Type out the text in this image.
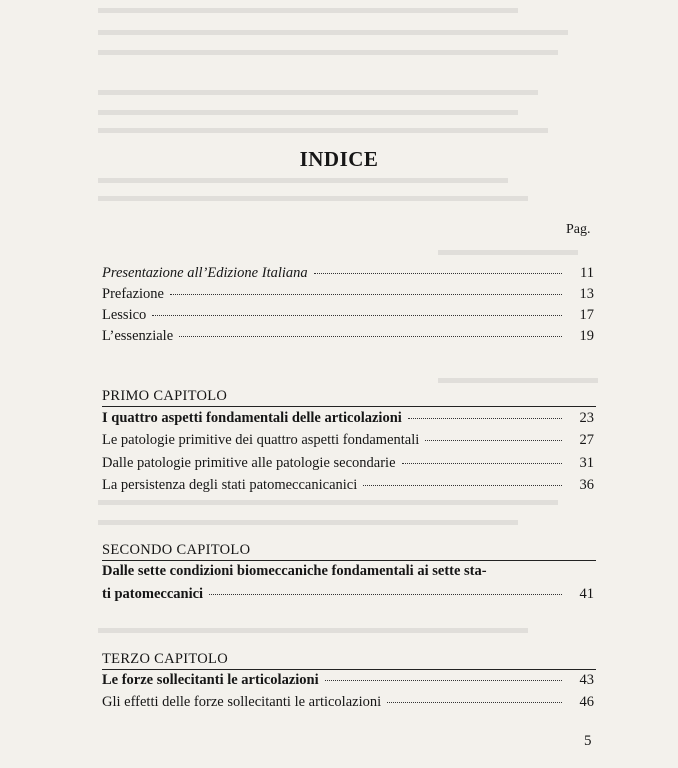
INDICE
Pag.
Presentazione all’Edizione Italiana	11
Prefazione	13
Lessico	17
L’essenziale	19
PRIMO CAPITOLO
I quattro aspetti fondamentali delle articolazioni	23
Le patologie primitive dei quattro aspetti fondamentali	27
Dalle patologie primitive alle patologie secondarie	31
La persistenza degli stati patomeccanicanici	36
SECONDO CAPITOLO
Dalle sette condizioni biomeccaniche fondamentali ai sette sta-
ti patomeccanici	41
TERZO CAPITOLO
Le forze sollecitanti le articolazioni	43
Gli effetti delle forze sollecitanti le articolazioni	46
5
